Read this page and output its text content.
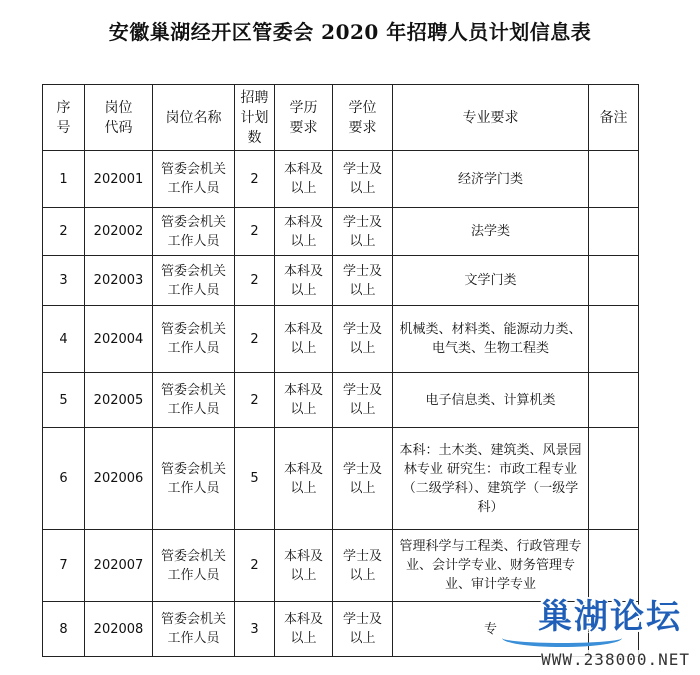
安徽巢湖经开区管委会 2020 年招聘人员计划信息表
序号	岗位代码	岗位名称	招聘计划数	学历要求	学位要求	专业要求	备注
1	202001	管委会机关工作人员	2	本科及以上	学士及以上	经济学门类	
2	202002	管委会机关工作人员	2	本科及以上	学士及以上	法学类	
3	202003	管委会机关工作人员	2	本科及以上	学士及以上	文学门类	
4	202004	管委会机关工作人员	2	本科及以上	学士及以上	机械类、材料类、能源动力类、电气类、生物工程类	
5	202005	管委会机关工作人员	2	本科及以上	学士及以上	电子信息类、计算机类	
6	202006	管委会机关工作人员	5	本科及以上	学士及以上	本科：土木类、建筑类、风景园林专业 研究生：市政工程专业（二级学科）、建筑学（一级学科）	
7	202007	管委会机关工作人员	2	本科及以上	学士及以上	管理科学与工程类、行政管理专业、会计学专业、财务管理专业、审计学专业	
8	202008	管委会机关工作人员	3	本科及以上	学士及以上	专	巢湖论坛
WWW.238000.NET
